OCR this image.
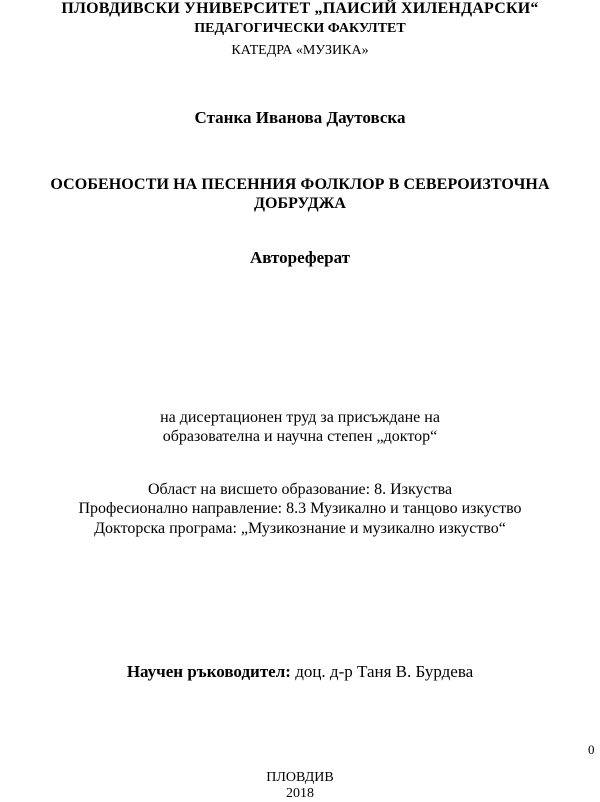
ПЛОВДИВСКИ УНИВЕРСИТЕТ „ПАИСИЙ ХИЛЕНДАРСКИ“
ПЕДАГОГИЧЕСКИ ФАКУЛТЕТ
КАТЕДРА «МУЗИКА»
Станка Иванова Даутовска
ОСОБЕНОСТИ НА ПЕСЕННИЯ ФОЛКЛОР В СЕВЕРОИЗТОЧНА
ДОБРУДЖА
Автореферат
на дисертационен труд за присъждане на
образователна и научна степен „доктор“
Област на висшето образование: 8. Изкуства
Професионално направление: 8.3 Музикално и танцово изкуство
Докторска програма: „Музикознание и музикално изкуство“
Научен ръководител: доц. д-р Таня В. Бурдева
0
ПЛОВДИВ
2018
